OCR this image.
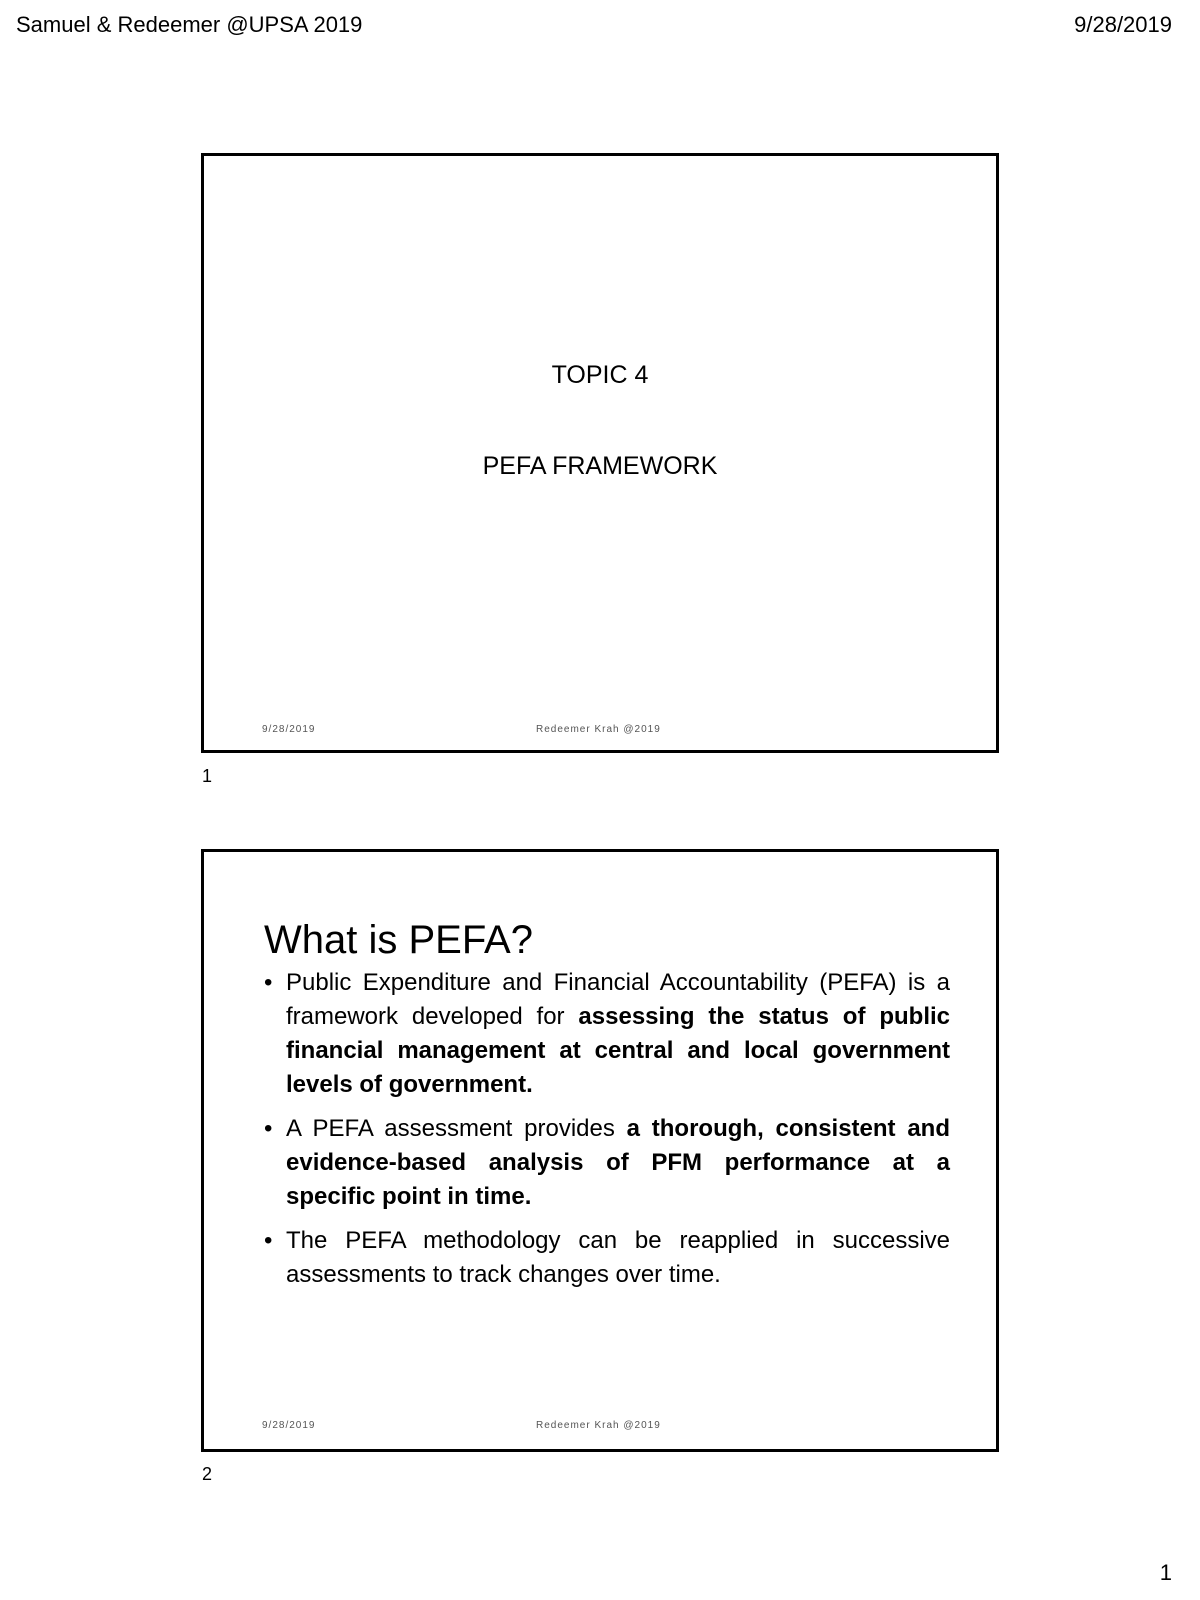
Samuel & Redeemer @UPSA 2019	9/28/2019
TOPIC 4
PEFA FRAMEWORK
9/28/2019	Redeemer Krah @2019
1
What is PEFA?
• Public Expenditure and Financial Accountability (PEFA) is a framework developed for assessing the status of public financial management at central and local government levels of government.
• A PEFA assessment provides a thorough, consistent and evidence-based analysis of PFM performance at a specific point in time.
• The PEFA methodology can be reapplied in successive assessments to track changes over time.
9/28/2019	Redeemer Krah @2019
2
1
